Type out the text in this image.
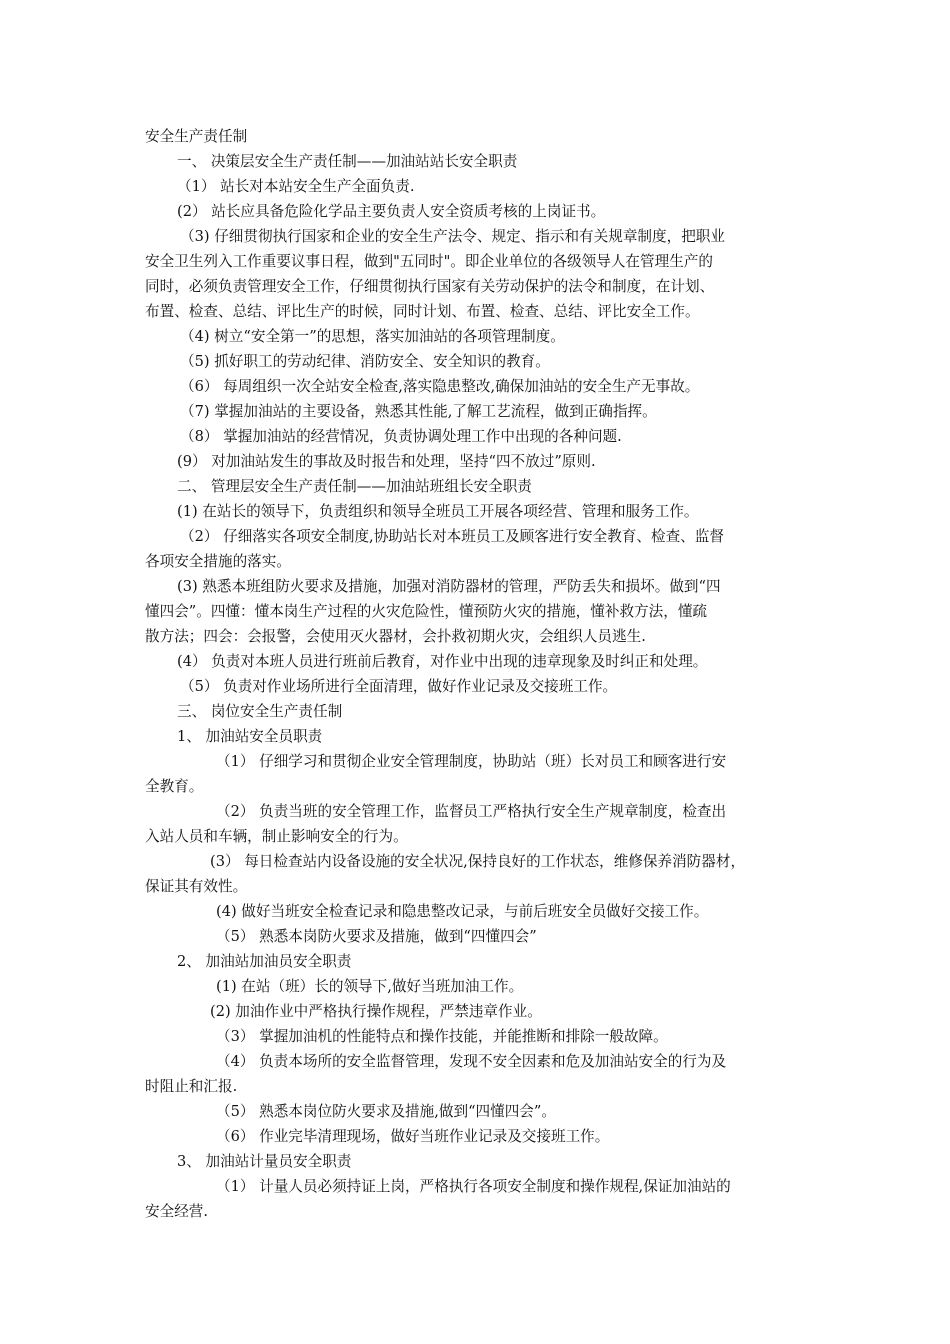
安全生产责任制
一、 决策层安全生产责任制——加油站站长安全职责
（1） 站长对本站安全生产全面负责.
(2） 站长应具备危险化学品主要负责人安全资质考核的上岗证书。
（3) 仔细贯彻执行国家和企业的安全生产法令、规定、指示和有关规章制度，把职业
安全卫生列入工作重要议事日程，做到"五同时"。即企业单位的各级领导人在管理生产的
同时，必须负责管理安全工作，仔细贯彻执行国家有关劳动保护的法令和制度，在计划、
布置、检查、总结、评比生产的时候，同时计划、布置、检查、总结、评比安全工作。
（4) 树立“安全第一”的思想，落实加油站的各项管理制度。
（5) 抓好职工的劳动纪律、消防安全、安全知识的教育。
（6） 每周组织一次全站安全检查,落实隐患整改,确保加油站的安全生产无事故。
（7) 掌握加油站的主要设备，熟悉其性能,了解工艺流程，做到正确指挥。
（8） 掌握加油站的经营情况，负责协调处理工作中出现的各种问题.
(9） 对加油站发生的事故及时报告和处理，坚持“四不放过”原则.
二、 管理层安全生产责任制——加油站班组长安全职责
(1) 在站长的领导下，负责组织和领导全班员工开展各项经营、管理和服务工作。
（2） 仔细落实各项安全制度,协助站长对本班员工及顾客进行安全教育、检查、监督
各项安全措施的落实。
(3) 熟悉本班组防火要求及措施，加强对消防器材的管理，严防丢失和损坏。做到“四
懂四会”。四懂：懂本岗生产过程的火灾危险性，懂预防火灾的措施，懂补救方法，懂疏
散方法；四会：会报警，会使用灭火器材，会扑救初期火灾，会组织人员逃生.
(4） 负责对本班人员进行班前后教育，对作业中出现的违章现象及时纠正和处理。
（5） 负责对作业场所进行全面清理，做好作业记录及交接班工作。
三、 岗位安全生产责任制
1、 加油站安全员职责
（1） 仔细学习和贯彻企业安全管理制度，协助站（班）长对员工和顾客进行安
全教育。
（2） 负责当班的安全管理工作，监督员工严格执行安全生产规章制度，检查出
入站人员和车辆，制止影响安全的行为。
(3） 每日检查站内设备设施的安全状况,保持良好的工作状态，维修保养消防器材，
保证其有效性。
(4) 做好当班安全检查记录和隐患整改记录，与前后班安全员做好交接工作。
（5） 熟悉本岗防火要求及措施，做到“四懂四会”
2、 加油站加油员安全职责
(1) 在站（班）长的领导下,做好当班加油工作。
(2) 加油作业中严格执行操作规程，严禁违章作业。
（3） 掌握加油机的性能特点和操作技能，并能推断和排除一般故障。
（4） 负责本场所的安全监督管理，发现不安全因素和危及加油站安全的行为及
时阻止和汇报.
（5） 熟悉本岗位防火要求及措施,做到“四懂四会”。
（6） 作业完毕清理现场，做好当班作业记录及交接班工作。
3、 加油站计量员安全职责
（1） 计量人员必须持证上岗，严格执行各项安全制度和操作规程,保证加油站的
安全经营.
